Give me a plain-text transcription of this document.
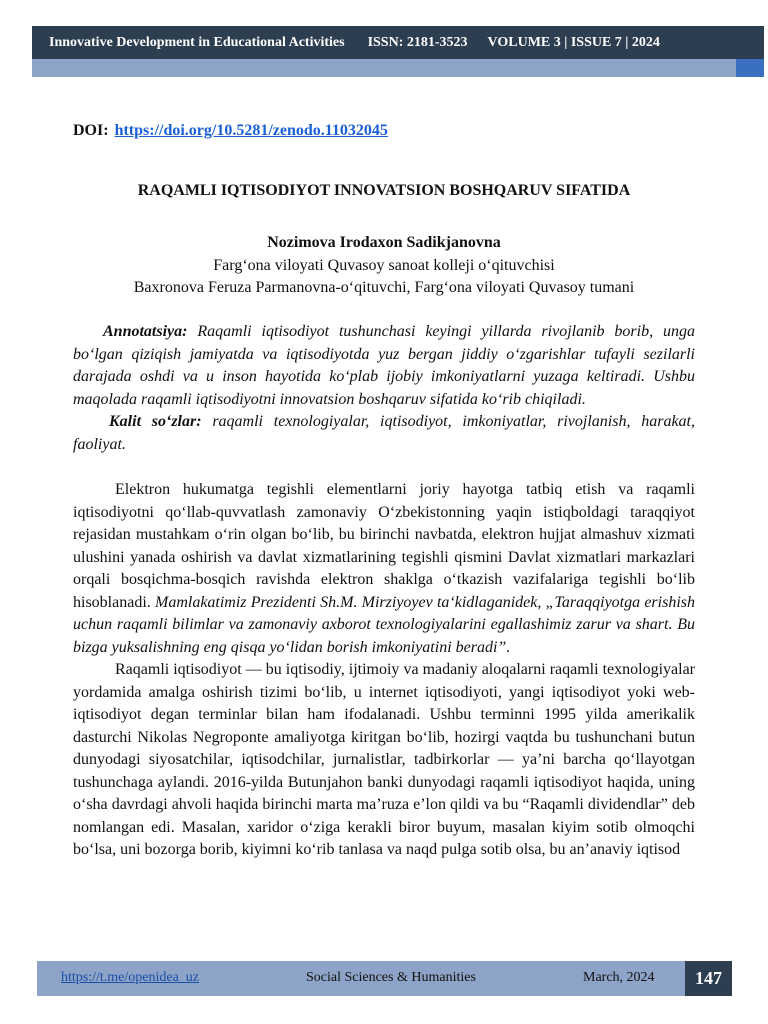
Innovative Development in Educational Activities ISSN: 2181-3523 VOLUME 3 | ISSUE 7 | 2024
DOI: https://doi.org/10.5281/zenodo.11032045
RAQAMLI IQTISODIYOT INNOVATSION BOSHQARUV SIFATIDA
Nozimova Irodaxon Sadikjanovna
Farg‘ona viloyati Quvasoy sanoat kolleji o‘qituvchisi
Baxronova Feruza Parmanovna-o‘qituvchi, Farg‘ona viloyati Quvasoy tumani

Annotatsiya: Raqamli iqtisodiyot tushunchasi keyingi yillarda rivojlanib borib, unga bo‘lgan qiziqish jamiyatda va iqtisodiyotda yuz bergan jiddiy o‘zgarishlar tufayli sezilarli darajada oshdi va u inson hayotida ko‘plab ijobiy imkoniyatlarni yuzaga keltiradi. Ushbu maqolada raqamli iqtisodiyotni innovatsion boshqaruv sifatida ko‘rib chiqiladi.

Kalit so‘zlar: raqamli texnologiyalar, iqtisodiyot, imkoniyatlar, rivojlanish, harakat, faoliyat.

Elektron hukumatga tegishli elementlarni joriy hayotga tatbiq etish va raqamli iqtisodiyotni qo‘llab-quvvatlash zamonaviy O‘zbekistonning yaqin istiqboldagi taraqqiyot rejasidan mustahkam o‘rin olgan bo‘lib, bu birinchi navbatda, elektron hujjat almashuv xizmati ulushini yanada oshirish va davlat xizmatlarining tegishli qismini Davlat xizmatlari markazlari orqali bosqichma-bosqich ravishda elektron shaklga o‘tkazish vazifalariga tegishli bo‘lib hisoblanadi. Mamlakatimiz Prezidenti Sh.M. Mirziyoyev ta‘kidlaganidek, „Taraqqiyotga erishish uchun raqamli bilimlar va zamonaviy axborot texnologiyalarini egallashimiz zarur va shart. Bu bizga yuksalishning eng qisqa yo‘lidan borish imkoniyatini beradi”.

Raqamli iqtisodiyot — bu iqtisodiy, ijtimoiy va madaniy aloqalarni raqamli texnologiyalar yordamida amalga oshirish tizimi bo‘lib, u internet iqtisodiyoti, yangi iqtisodiyot yoki web-iqtisodiyot degan terminlar bilan ham ifodalanadi. Ushbu terminni 1995 yilda amerikalik dasturchi Nikolas Negroponte amaliyotga kiritgan bo‘lib, hozirgi vaqtda bu tushunchani butun dunyodagi siyosatchilar, iqtisodchilar, jurnalistlar, tadbirkorlar — ya’ni barcha qo‘llayotgan tushunchaga aylandi. 2016-yilda Butunjahon banki dunyodagi raqamli iqtisodiyot haqida, uning o‘sha davrdagi ahvoli haqida birinchi marta ma’ruza e’lon qildi va bu “Raqamli dividendlar” deb nomlangan edi. Masalan, xaridor o‘ziga kerakli biror buyum, masalan kiyim sotib olmoqchi bo‘lsa, uni bozorga borib, kiyimni ko‘rib tanlasa va naqd pulga sotib olsa, bu an’anaviy iqtisod

https://t.me/openidea_uz	Social Sciences & Humanities	March, 2024	147
